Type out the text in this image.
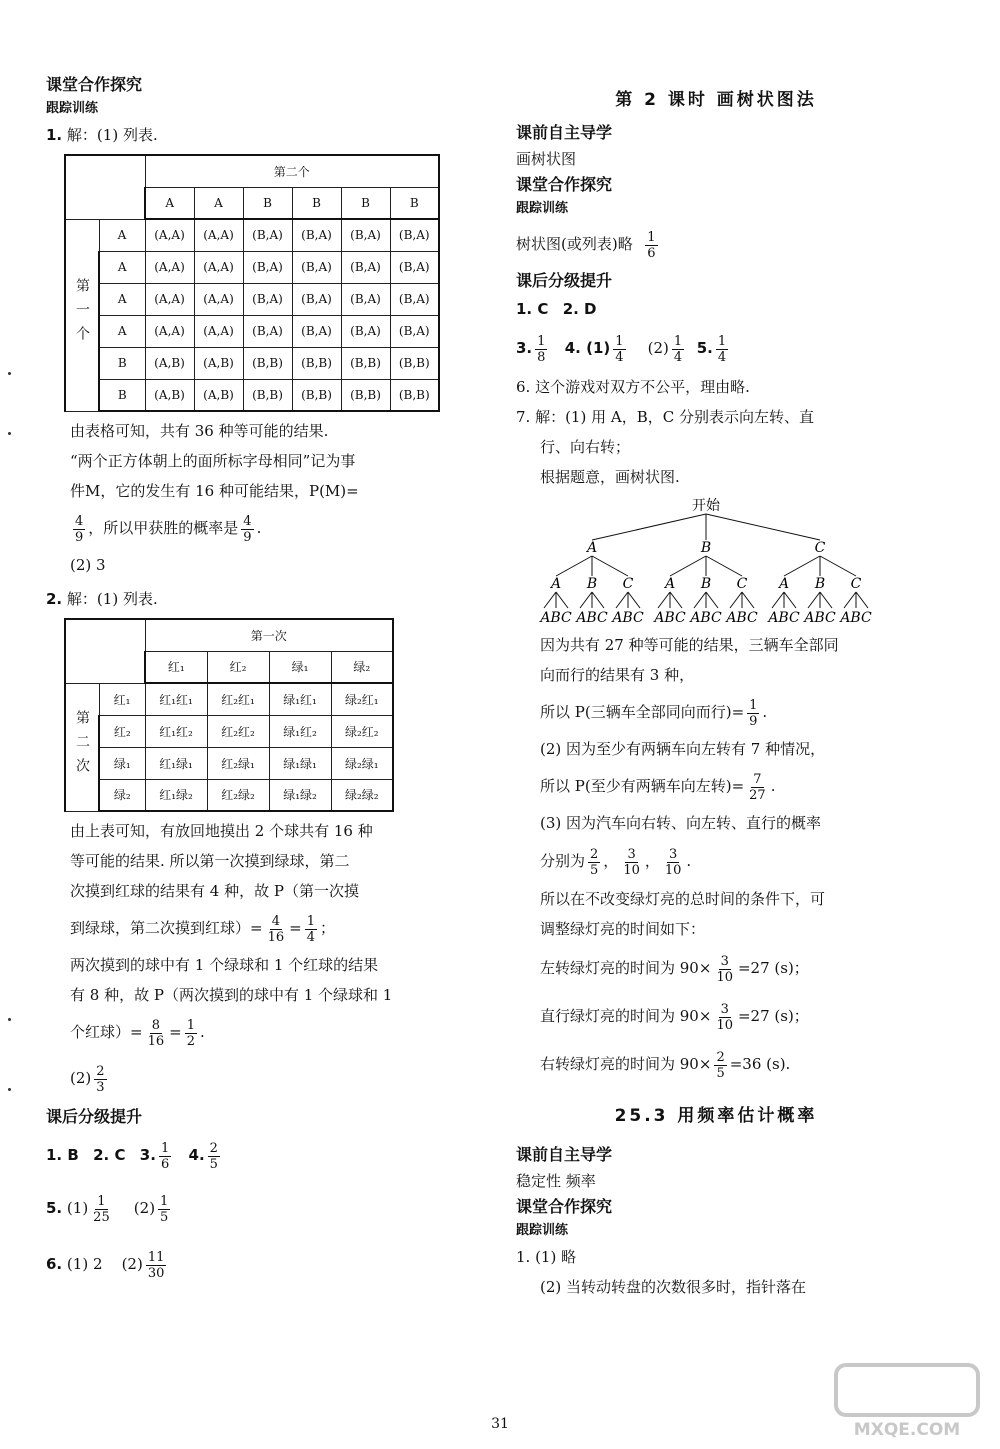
课堂合作探究
跟踪训练
1. 解：(1) 列表.
		第二个					
		A	A	B	B	B	B
第一个	A	(A,A)	(A,A)	(B,A)	(B,A)	(B,A)	(B,A)
	A	(A,A)	(A,A)	(B,A)	(B,A)	(B,A)	(B,A)
	A	(A,A)	(A,A)	(B,A)	(B,A)	(B,A)	(B,A)
	A	(A,A)	(A,A)	(B,A)	(B,A)	(B,A)	(B,A)
	B	(A,B)	(A,B)	(B,B)	(B,B)	(B,B)	(B,B)
	B	(A,B)	(A,B)	(B,B)	(B,B)	(B,B)	(B,B)
由表格可知，共有 36 种等可能的结果.
“两个正方体朝上的面所标字母相同”记为事
件M，它的发生有 16 种可能结果，P(M)=
$\frac{4}{9}$ ，所以甲获胜的概率是 $\frac{4}{9}$ .
(2) 3
2. 解：(1) 列表.
		第一次			
		红₁	红₂	绿₁	绿₂
第二次	红₁	红₁红₁	红₂红₁	绿₁红₁	绿₂红₁
	红₂	红₁红₂	红₂红₂	绿₁红₂	绿₂红₂
	绿₁	红₁绿₁	红₂绿₁	绿₁绿₁	绿₂绿₁
	绿₂	红₁绿₂	红₂绿₂	绿₁绿₂	绿₂绿₂
由上表可知，有放回地摸出 2 个球共有 16 种
等可能的结果. 所以第一次摸到绿球，第二
次摸到红球的结果有 4 种，故 P（第一次摸
到绿球，第二次摸到红球）= $\frac{4}{16} = \frac{1}{4}$ ；
两次摸到的球中有 1 个绿球和 1 个红球的结果
有 8 种，故 P（两次摸到的球中有 1 个绿球和 1
个红球）= $\frac{8}{16} = \frac{1}{2}$ .
$(2) \frac{2}{3}$
课后分级提升
1. B 2. C 3. $\frac{1}{6} 4$. $\frac{2}{5}$
5. $(1) \frac{1}{25} (2) \frac{1}{5}$
6. (1) 2 $(2) \frac{11}{30}$
第 2 课时 画树状图法
课前自主导学
画树状图
课堂合作探究
跟踪训练
树状图(或列表)略 $\frac{1}{6}$
课后分级提升
1. C 2. D
3. $\frac{1}{8} 4$. $(1) \frac{1}{4} (2) \frac{1}{4} 5$. $\frac{1}{4}$
6. 这个游戏对双方不公平，理由略.
7. 解：(1) 用 A，B，C 分别表示向左转、直
行、向右转；
根据题意，画树状图.
开始
A
A
ABC
B
ABC
C
ABC
B
A
ABC
B
ABC
C
ABC
C
A
ABC
B
ABC
C
ABC
因为共有 27 种等可能的结果，三辆车全部同
向而行的结果有 3 种，
所以 P(三辆车全部同向而行)= $\frac{1}{9}$ .
(2) 因为至少有两辆车向左转有 7 种情况，
所以 P(至少有两辆车向左转)= $\frac{7}{27}$ .
(3) 因为汽车向右转、向左转、直行的概率
分别为 $\frac{2}{5}$ ， $\frac{3}{10}$ ， $\frac{3}{10}$ .
所以在不改变绿灯亮的总时间的条件下，可
调整绿灯亮的时间如下：
左转绿灯亮的时间为 $90\times \frac{3}{10} =27$ (s)；
直行绿灯亮的时间为 $90\times \frac{3}{10} =27$ (s)；
右转绿灯亮的时间为 $90\times \frac{2}{5} =36$ (s).
25.3 用频率估计概率
课前自主导学
稳定性 频率
课堂合作探究
跟踪训练
1. (1) 略
(2) 当转动转盘的次数很多时，指针落在
31	MXQE.COM
